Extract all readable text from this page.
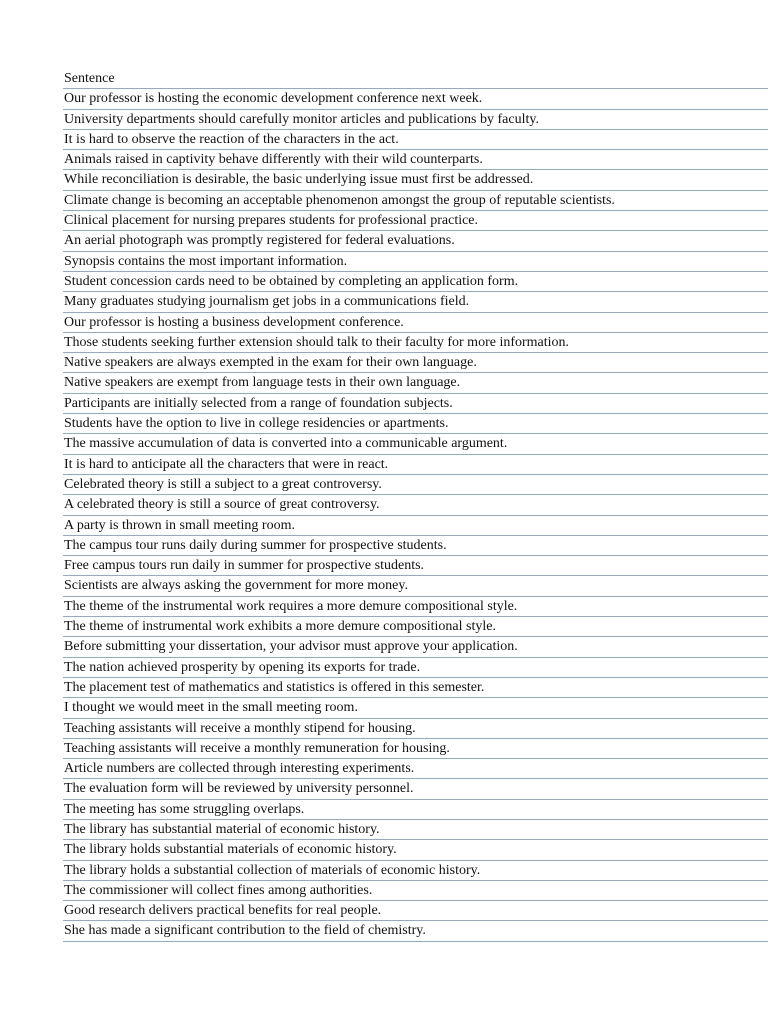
Sentence
Our professor is hosting the economic development conference next week.
University departments should carefully monitor articles and publications by faculty.
It is hard to observe the reaction of the characters in the act.
Animals raised in captivity behave differently with their wild counterparts.
While reconciliation is desirable, the basic underlying issue must first be addressed.
Climate change is becoming an acceptable phenomenon amongst the group of reputable scientists.
Clinical placement for nursing prepares students for professional practice.
An aerial photograph was promptly registered for federal evaluations.
Synopsis contains the most important information.
Student concession cards need to be obtained by completing an application form.
Many graduates studying journalism get jobs in a communications field.
Our professor is hosting a business development conference.
Those students seeking further extension should talk to their faculty for more information.
Native speakers are always exempted in the exam for their own language.
Native speakers are exempt from language tests in their own language.
Participants are initially selected from a range of foundation subjects.
Students have the option to live in college residencies or apartments.
The massive accumulation of data is converted into a communicable argument.
It is hard to anticipate all the characters that were in react.
Celebrated theory is still a subject to a great controversy.
A celebrated theory is still a source of great controversy.
A party is thrown in small meeting room.
The campus tour runs daily during summer for prospective students.
Free campus tours run daily in summer for prospective students.
Scientists are always asking the government for more money.
The theme of the instrumental work requires a more demure compositional style.
The theme of instrumental work exhibits a more demure compositional style.
Before submitting your dissertation, your advisor must approve your application.
The nation achieved prosperity by opening its exports for trade.
The placement test of mathematics and statistics is offered in this semester.
I thought we would meet in the small meeting room.
Teaching assistants will receive a monthly stipend for housing.
Teaching assistants will receive a monthly remuneration for housing.
Article numbers are collected through interesting experiments.
The evaluation form will be reviewed by university personnel.
The meeting has some struggling overlaps.
The library has substantial material of economic history.
The library holds substantial materials of economic history.
The library holds a substantial collection of materials of economic history.
The commissioner will collect fines among authorities.
Good research delivers practical benefits for real people.
She has made a significant contribution to the field of chemistry.
